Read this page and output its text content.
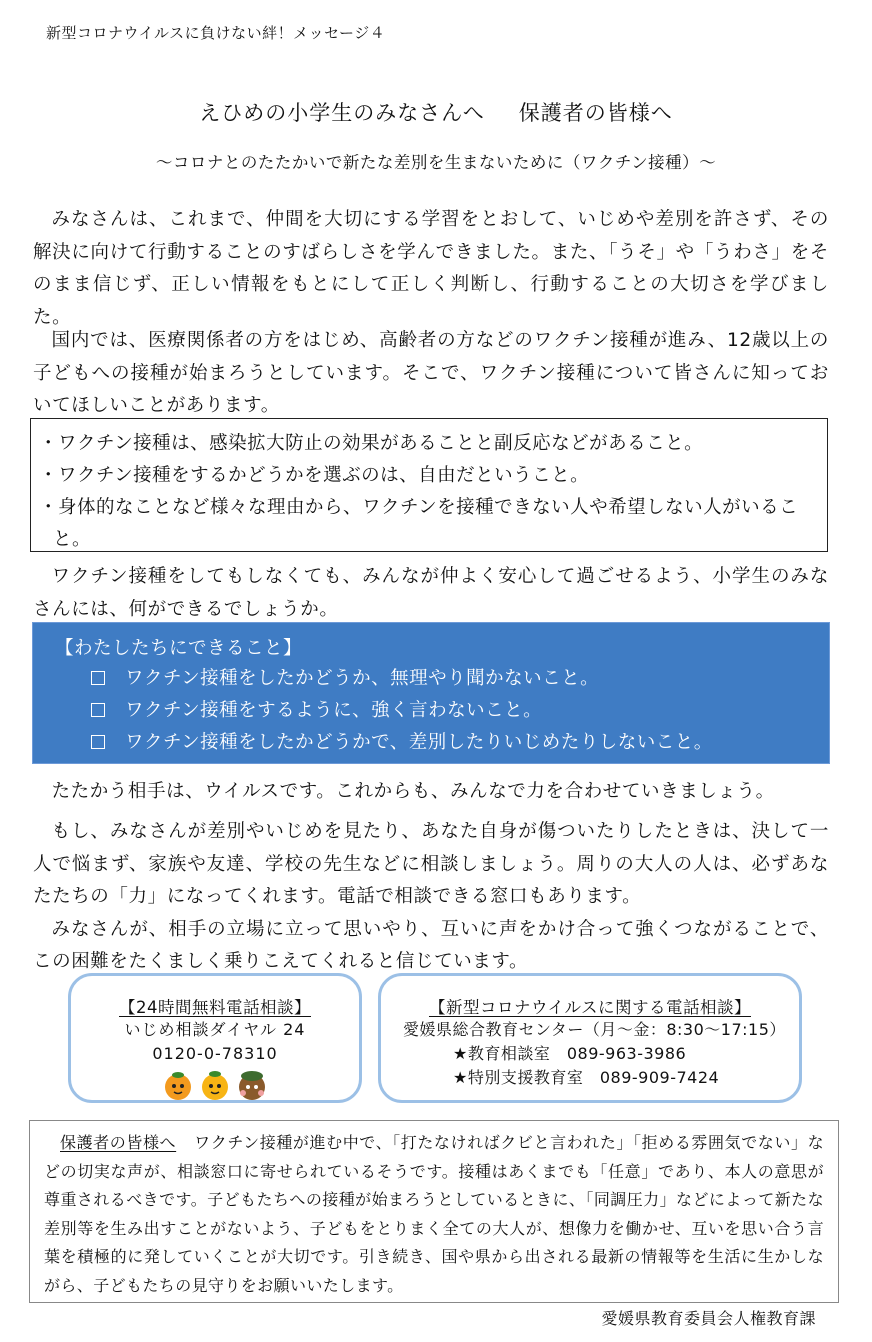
新型コロナウイルスに負けない絆！メッセージ４
えひめの小学生のみなさんへ 保護者の皆様へ
～コロナとのたたかいで新たな差別を生まないために（ワクチン接種）～
みなさんは、これまで、仲間を大切にする学習をとおして、いじめや差別を許さず、その解決に向けて行動することのすばらしさを学んできました。また、「うそ」や「うわさ」をそのまま信じず、正しい情報をもとにして正しく判断し、行動することの大切さを学びました。
国内では、医療関係者の方をはじめ、高齢者の方などのワクチン接種が進み、12歳以上の子どもへの接種が始まろうとしています。そこで、ワクチン接種について皆さんに知っておいてほしいことがあります。
・ワクチン接種は、感染拡大防止の効果があることと副反応などがあること。
・ワクチン接種をするかどうかを選ぶのは、自由だということ。
・身体的なことなど様々な理由から、ワクチンを接種できない人や希望しない人がいること。
ワクチン接種をしてもしなくても、みんなが仲よく安心して過ごせるよう、小学生のみなさんには、何ができるでしょうか。
【わたしたちにできること】
ワクチン接種をしたかどうか、無理やり聞かないこと。
ワクチン接種をするように、強く言わないこと。
ワクチン接種をしたかどうかで、差別したりいじめたりしないこと。
たたかう相手は、ウイルスです。これからも、みんなで力を合わせていきましょう。
もし、みなさんが差別やいじめを見たり、あなた自身が傷ついたりしたときは、決して一人で悩まず、家族や友達、学校の先生などに相談しましょう。周りの大人の人は、必ずあなたたちの「力」になってくれます。電話で相談できる窓口もあります。
みなさんが、相手の立場に立って思いやり、互いに声をかけ合って強くつながることで、この困難をたくましく乗りこえてくれると信じています。
【24時間無料電話相談】
いじめ相談ダイヤル 24
0120-0-78310
【新型コロナウイルスに関する電話相談】
愛媛県総合教育センター（月～金：8:30～17:15）
★教育相談室　089-963-3986
★特別支援教育室　089-909-7424
保護者の皆様へ ワクチン接種が進む中で、「打たなければクビと言われた」「拒める雰囲気でない」などの切実な声が、相談窓口に寄せられているそうです。接種はあくまでも「任意」であり、本人の意思が尊重されるべきです。子どもたちへの接種が始まろうとしているときに、「同調圧力」などによって新たな差別等を生み出すことがないよう、子どもをとりまく全ての大人が、想像力を働かせ、互いを思い合う言葉を積極的に発していくことが大切です。引き続き、国や県から出される最新の情報等を生活に生かしながら、子どもたちの見守りをお願いいたします。
愛媛県教育委員会人権教育課
